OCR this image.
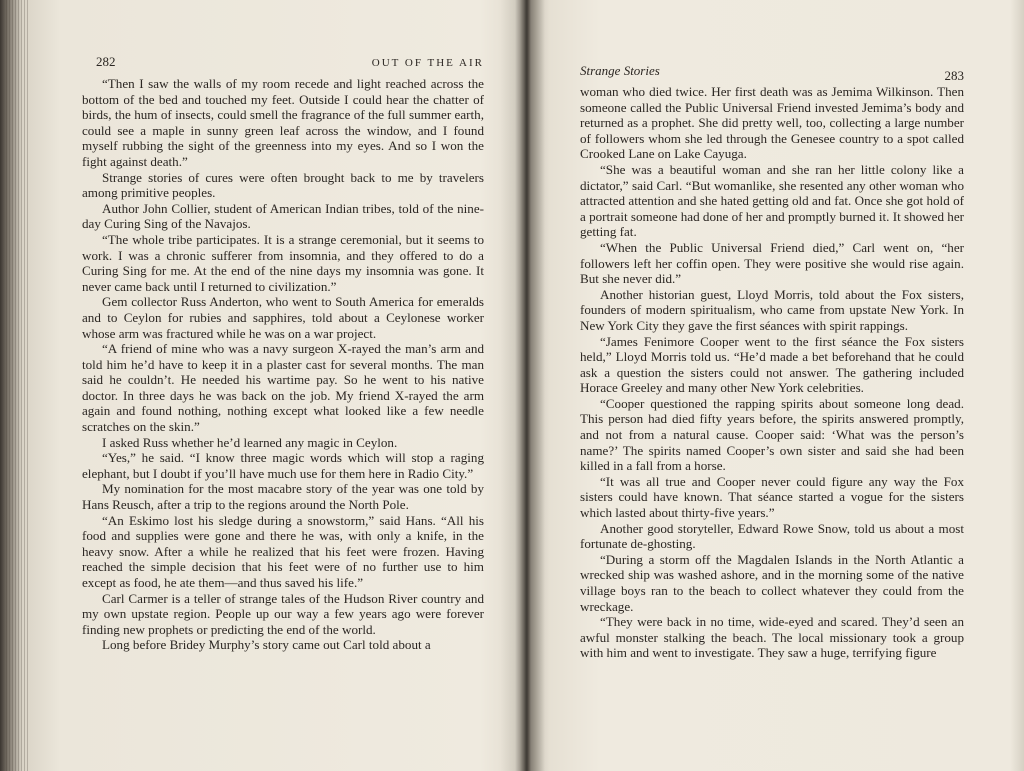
282	OUT OF THE AIR

“Then I saw the walls of my room recede and light reached across the bottom of the bed and touched my feet. Outside I could hear the chatter of birds, the hum of insects, could smell the fragrance of the full summer earth, could see a maple in sunny green leaf across the window, and I found myself rubbing the sight of the greenness into my eyes. And so I won the fight against death.”

Strange stories of cures were often brought back to me by travelers among primitive peoples.

Author John Collier, student of American Indian tribes, told of the nine-day Curing Sing of the Navajos.

“The whole tribe participates. It is a strange ceremonial, but it seems to work. I was a chronic sufferer from insomnia, and they offered to do a Curing Sing for me. At the end of the nine days my insomnia was gone. It never came back until I returned to civilization.”

Gem collector Russ Anderton, who went to South America for emeralds and to Ceylon for rubies and sapphires, told about a Ceylonese worker whose arm was fractured while he was on a war project.

“A friend of mine who was a navy surgeon X-rayed the man’s arm and told him he’d have to keep it in a plaster cast for several months. The man said he couldn’t. He needed his wartime pay. So he went to his native doctor. In three days he was back on the job. My friend X-rayed the arm again and found nothing, nothing except what looked like a few needle scratches on the skin.”

I asked Russ whether he’d learned any magic in Ceylon.

“Yes,” he said. “I know three magic words which will stop a raging elephant, but I doubt if you’ll have much use for them here in Radio City.”

My nomination for the most macabre story of the year was one told by Hans Reusch, after a trip to the regions around the North Pole.

“An Eskimo lost his sledge during a snowstorm,” said Hans. “All his food and supplies were gone and there he was, with only a knife, in the heavy snow. After a while he realized that his feet were frozen. Having reached the simple decision that his feet were of no further use to him except as food, he ate them—and thus saved his life.”

Carl Carmer is a teller of strange tales of the Hudson River country and my own upstate region. People up our way a few years ago were forever finding new prophets or predicting the end of the world.

Long before Bridey Murphy’s story came out Carl told about a

Strange Stories	283

woman who died twice. Her first death was as Jemima Wilkinson. Then someone called the Public Universal Friend invested Jemima’s body and returned as a prophet. She did pretty well, too, collecting a large number of followers whom she led through the Genesee country to a spot called Crooked Lane on Lake Cayuga.

“She was a beautiful woman and she ran her little colony like a dictator,” said Carl. “But womanlike, she resented any other woman who attracted attention and she hated getting old and fat. Once she got hold of a portrait someone had done of her and promptly burned it. It showed her getting fat.

“When the Public Universal Friend died,” Carl went on, “her followers left her coffin open. They were positive she would rise again. But she never did.”

Another historian guest, Lloyd Morris, told about the Fox sisters, founders of modern spiritualism, who came from upstate New York. In New York City they gave the first séances with spirit rappings.

“James Fenimore Cooper went to the first séance the Fox sisters held,” Lloyd Morris told us. “He’d made a bet beforehand that he could ask a question the sisters could not answer. The gathering included Horace Greeley and many other New York celebrities.

“Cooper questioned the rapping spirits about someone long dead. This person had died fifty years before, the spirits answered promptly, and not from a natural cause. Cooper said: ‘What was the person’s name?’ The spirits named Cooper’s own sister and said she had been killed in a fall from a horse.

“It was all true and Cooper never could figure any way the Fox sisters could have known. That séance started a vogue for the sisters which lasted about thirty-five years.”

Another good storyteller, Edward Rowe Snow, told us about a most fortunate de-ghosting.

“During a storm off the Magdalen Islands in the North Atlantic a wrecked ship was washed ashore, and in the morning some of the native village boys ran to the beach to collect whatever they could from the wreckage.

“They were back in no time, wide-eyed and scared. They’d seen an awful monster stalking the beach. The local missionary took a group with him and went to investigate. They saw a huge, terrifying figure
